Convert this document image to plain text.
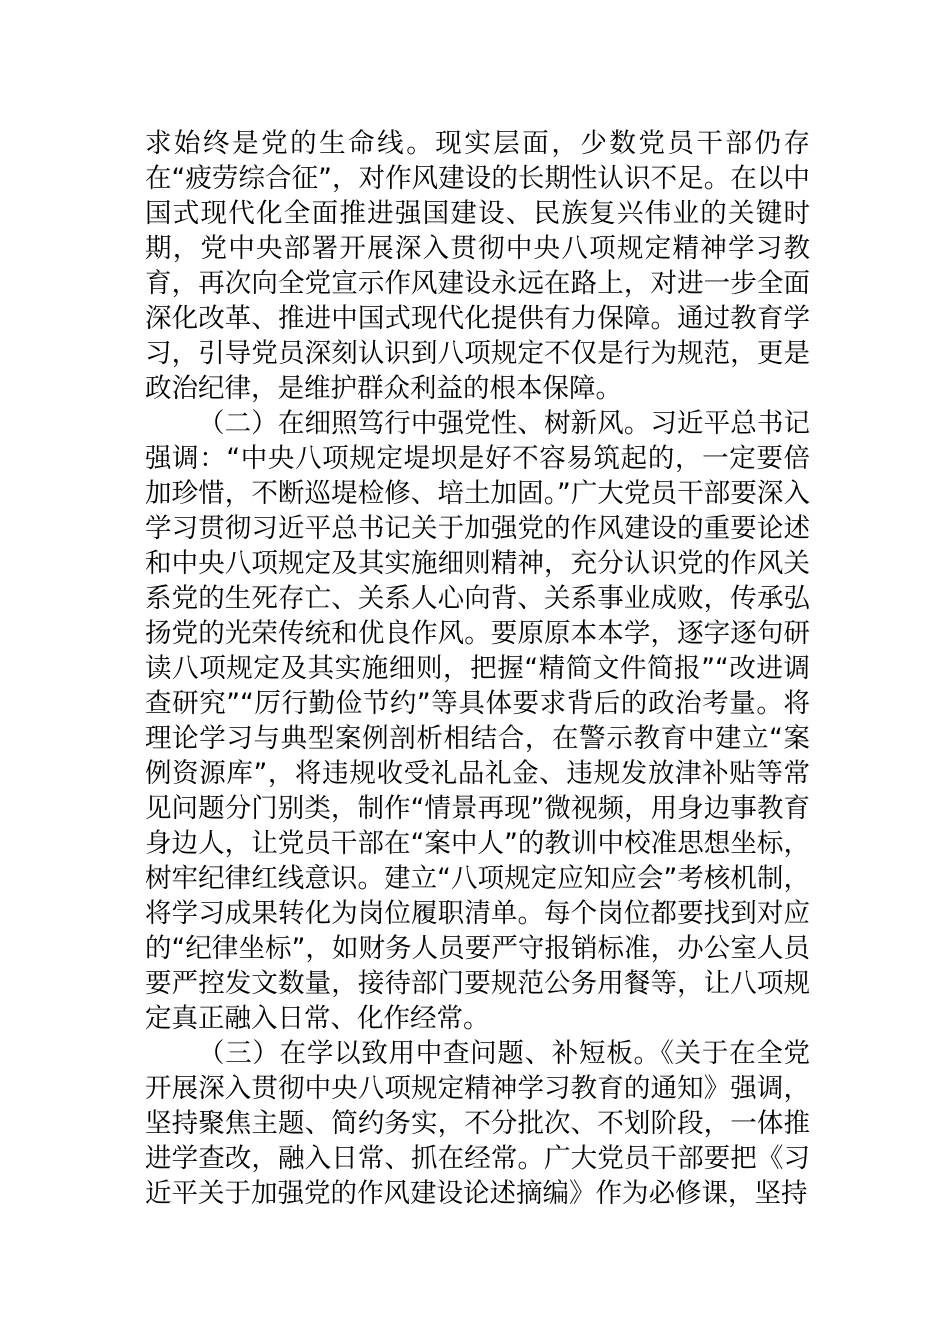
求始终是党的生命线。现实层面，少数党员干部仍存在“疲劳综合征”，对作风建设的长期性认识不足。在以中国式现代化全面推进强国建设、民族复兴伟业的关键时期，党中央部署开展深入贯彻中央八项规定精神学习教育，再次向全党宣示作风建设永远在路上，对进一步全面深化改革、推进中国式现代化提供有力保障。通过教育学习，引导党员深刻认识到八项规定不仅是行为规范，更是政治纪律，是维护群众利益的根本保障。

（二）在细照笃行中强党性、树新风。习近平总书记强调：“中央八项规定堤坝是好不容易筑起的，一定要倍加珍惜，不断巡堤检修、培土加固。”广大党员干部要深入学习贯彻习近平总书记关于加强党的作风建设的重要论述和中央八项规定及其实施细则精神，充分认识党的作风关系党的生死存亡、关系人心向背、关系事业成败，传承弘扬党的光荣传统和优良作风。要原原本本学，逐字逐句研读八项规定及其实施细则，把握“精简文件简报”“改进调查研究”“厉行勤俭节约”等具体要求背后的政治考量。将理论学习与典型案例剖析相结合，在警示教育中建立“案例资源库”，将违规收受礼品礼金、违规发放津补贴等常见问题分门别类，制作“情景再现”微视频，用身边事教育身边人，让党员干部在“案中人”的教训中校准思想坐标，树牢纪律红线意识。建立“八项规定应知应会”考核机制，将学习成果转化为岗位履职清单。每个岗位都要找到对应的“纪律坐标”，如财务人员要严守报销标准，办公室人员要严控发文数量，接待部门要规范公务用餐等，让八项规定真正融入日常、化作经常。

（三）在学以致用中查问题、补短板。《关于在全党开展深入贯彻中央八项规定精神学习教育的通知》强调，坚持聚焦主题、简约务实，不分批次、不划阶段，一体推进学查改，融入日常、抓在经常。广大党员干部要把《习近平关于加强党的作风建设论述摘编》作为必修课，坚持
